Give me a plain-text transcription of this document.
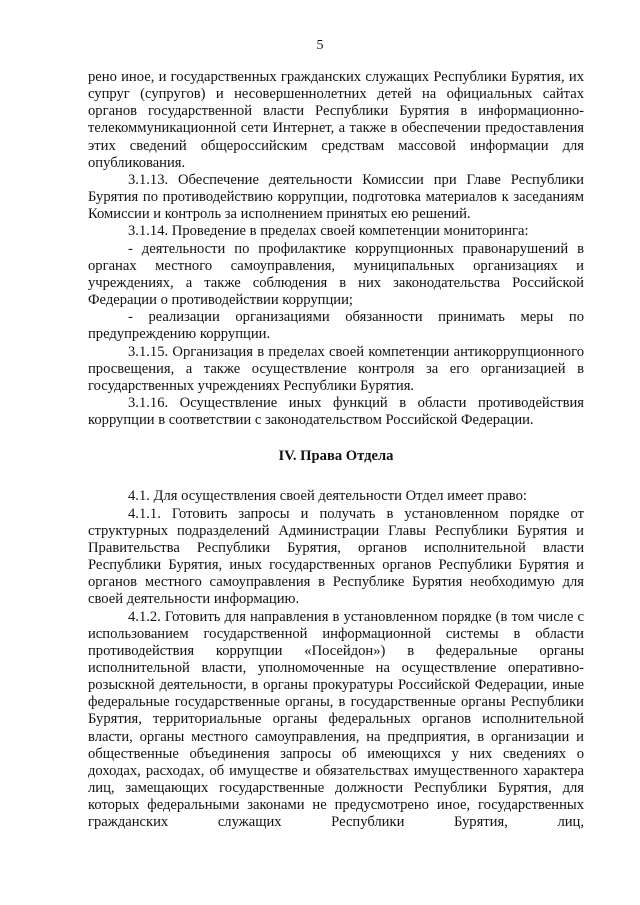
5

рено иное, и государственных гражданских служащих Республики Бурятия, их супруг (супругов) и несовершеннолетних детей на официальных сайтах органов государственной власти Республики Бурятия в информационно-телекоммуникационной сети Интернет, а также в обеспечении предоставления этих сведений общероссийским средствам массовой информации для опубликования.

3.1.13. Обеспечение деятельности Комиссии при Главе Республики Бурятия по противодействию коррупции, подготовка материалов к заседаниям Комиссии и контроль за исполнением принятых ею решений.

3.1.14. Проведение в пределах своей компетенции мониторинга:

- деятельности по профилактике коррупционных правонарушений в органах местного самоуправления, муниципальных организациях и учреждениях, а также соблюдения в них законодательства Российской Федерации о противодействии коррупции;

- реализации организациями обязанности принимать меры по предупреждению коррупции.

3.1.15. Организация в пределах своей компетенции антикоррупционного просвещения, а также осуществление контроля за его организацией в государственных учреждениях Республики Бурятия.

3.1.16. Осуществление иных функций в области противодействия коррупции в соответствии с законодательством Российской Федерации.

IV. Права Отдела

4.1. Для осуществления своей деятельности Отдел имеет право:

4.1.1. Готовить запросы и получать в установленном порядке от структурных подразделений Администрации Главы Республики Бурятия и Правительства Республики Бурятия, органов исполнительной власти Республики Бурятия, иных государственных органов Республики Бурятия и органов местного самоуправления в Республике Бурятия необходимую для своей деятельности информацию.

4.1.2. Готовить для направления в установленном порядке (в том числе с использованием государственной информационной системы в области противодействия коррупции «Посейдон») в федеральные органы исполнительной власти, уполномоченные на осуществление оперативно-розыскной деятельности, в органы прокуратуры Российской Федерации, иные федеральные государственные органы, в государственные органы Республики Бурятия, территориальные органы федеральных органов исполнительной власти, органы местного самоуправления, на предприятия, в организации и общественные объединения запросы об имеющихся у них сведениях о доходах, расходах, об имуществе и обязательствах имущественного характера лиц, замещающих государственные должности Республики Бурятия, для которых федеральными законами не предусмотрено иное, государственных гражданских служащих Республики Бурятия, лиц,
